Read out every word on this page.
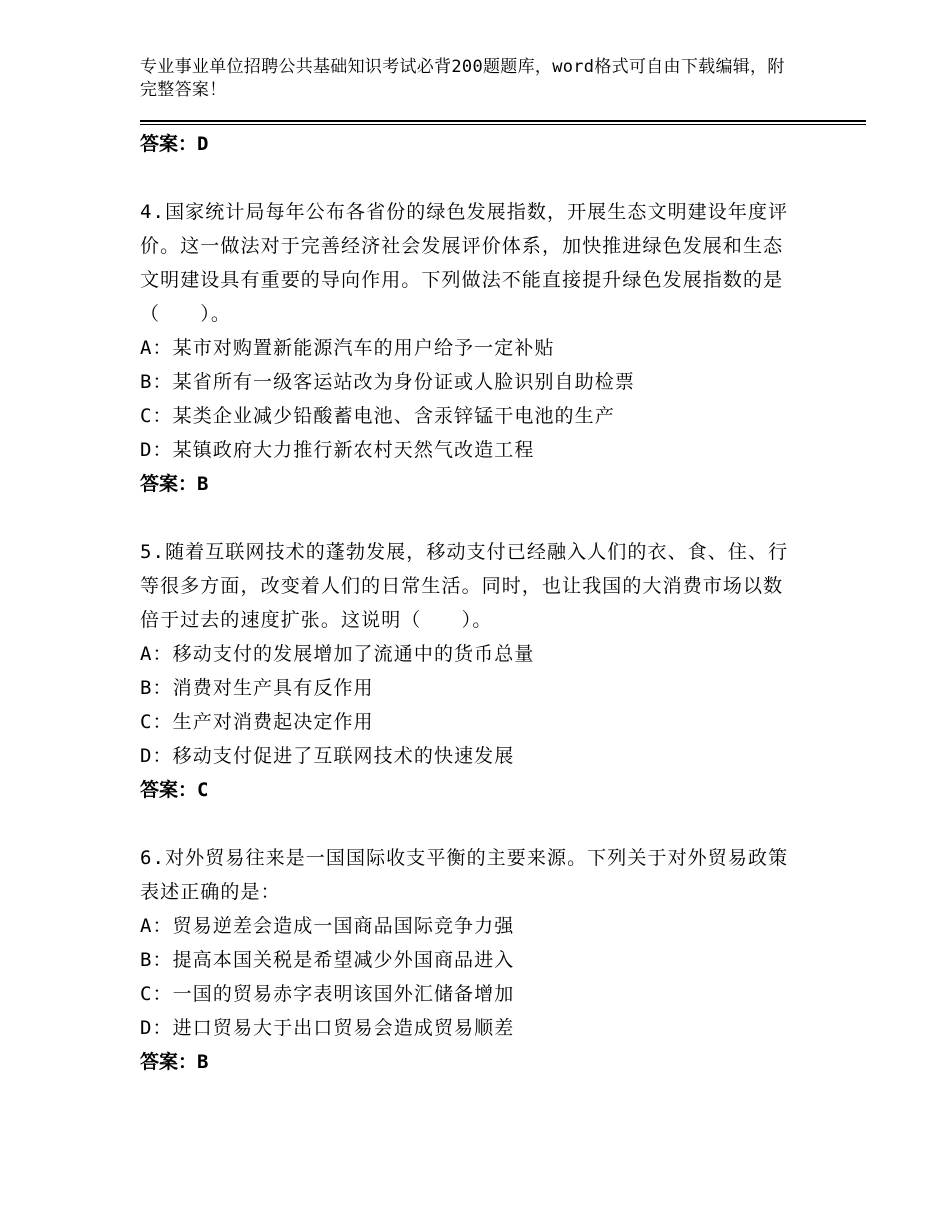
专业事业单位招聘公共基础知识考试必背200题题库，word格式可自由下载编辑，附完整答案！
答案：D
4.国家统计局每年公布各省份的绿色发展指数，开展生态文明建设年度评价。这一做法对于完善经济社会发展评价体系，加快推进绿色发展和生态文明建设具有重要的导向作用。下列做法不能直接提升绿色发展指数的是（　　）。
A：某市对购置新能源汽车的用户给予一定补贴
B：某省所有一级客运站改为身份证或人脸识别自助检票
C：某类企业减少铅酸蓄电池、含汞锌锰干电池的生产
D：某镇政府大力推行新农村天然气改造工程
答案：B
5.随着互联网技术的蓬勃发展，移动支付已经融入人们的衣、食、住、行等很多方面，改变着人们的日常生活。同时，也让我国的大消费市场以数倍于过去的速度扩张。这说明（　　）。
A：移动支付的发展增加了流通中的货币总量
B：消费对生产具有反作用
C：生产对消费起决定作用
D：移动支付促进了互联网技术的快速发展
答案：C
6.对外贸易往来是一国国际收支平衡的主要来源。下列关于对外贸易政策表述正确的是：
A：贸易逆差会造成一国商品国际竞争力强
B：提高本国关税是希望减少外国商品进入
C：一国的贸易赤字表明该国外汇储备增加
D：进口贸易大于出口贸易会造成贸易顺差
答案：B
